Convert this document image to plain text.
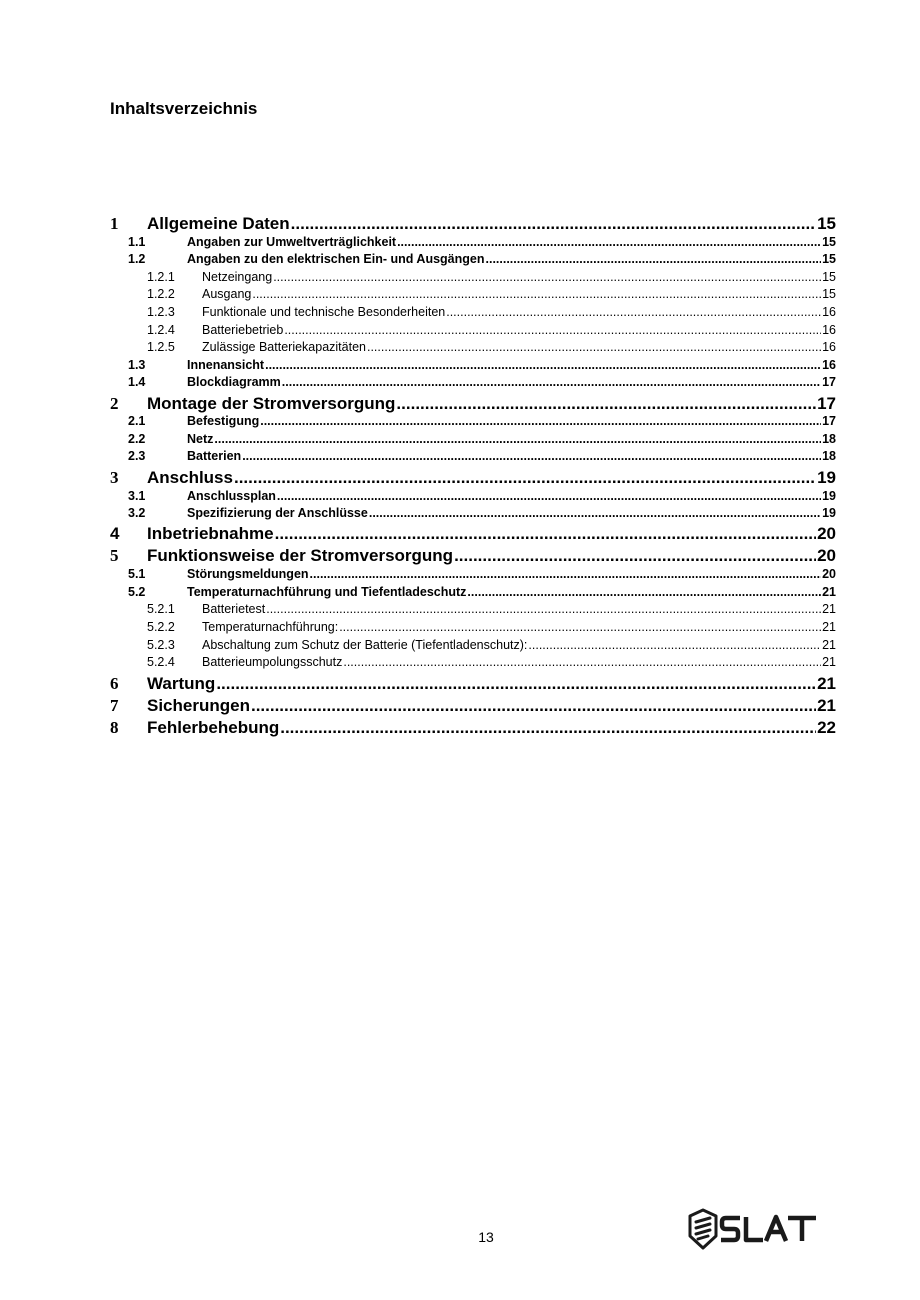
Inhaltsverzeichnis
1	Allgemeine Daten .....	15
1.1	Angaben zur Umweltverträglichkeit .....	15
1.2	Angaben zu den elektrischen Ein- und Ausgängen .....	15
1.2.1	Netzeingang .....	15
1.2.2	Ausgang .....	15
1.2.3	Funktionale und technische Besonderheiten .....	16
1.2.4	Batteriebetrieb .....	16
1.2.5	Zulässige Batteriekapazitäten .....	16
1.3	Innenansicht .....	16
1.4	Blockdiagramm .....	17
2	Montage der Stromversorgung .....	17
2.1	Befestigung .....	17
2.2	Netz .....	18
2.3	Batterien .....	18
3	Anschluss .....	19
3.1	Anschlussplan .....	19
3.2	Spezifizierung der Anschlüsse .....	19
4	Inbetriebnahme .....	20
5	Funktionsweise der Stromversorgung .....	20
5.1	Störungsmeldungen .....	20
5.2	Temperaturnachführung und Tiefentladeschutz .....	21
5.2.1	Batterietest .....	21
5.2.2	Temperaturnachführung: .....	21
5.2.3	Abschaltung zum Schutz der Batterie (Tiefentladenschutz): .....	21
5.2.4	Batterieumpolungsschutz .....	21
6	Wartung .....	21
7	Sicherungen .....	21
8	Fehlerbehebung .....	22
13
